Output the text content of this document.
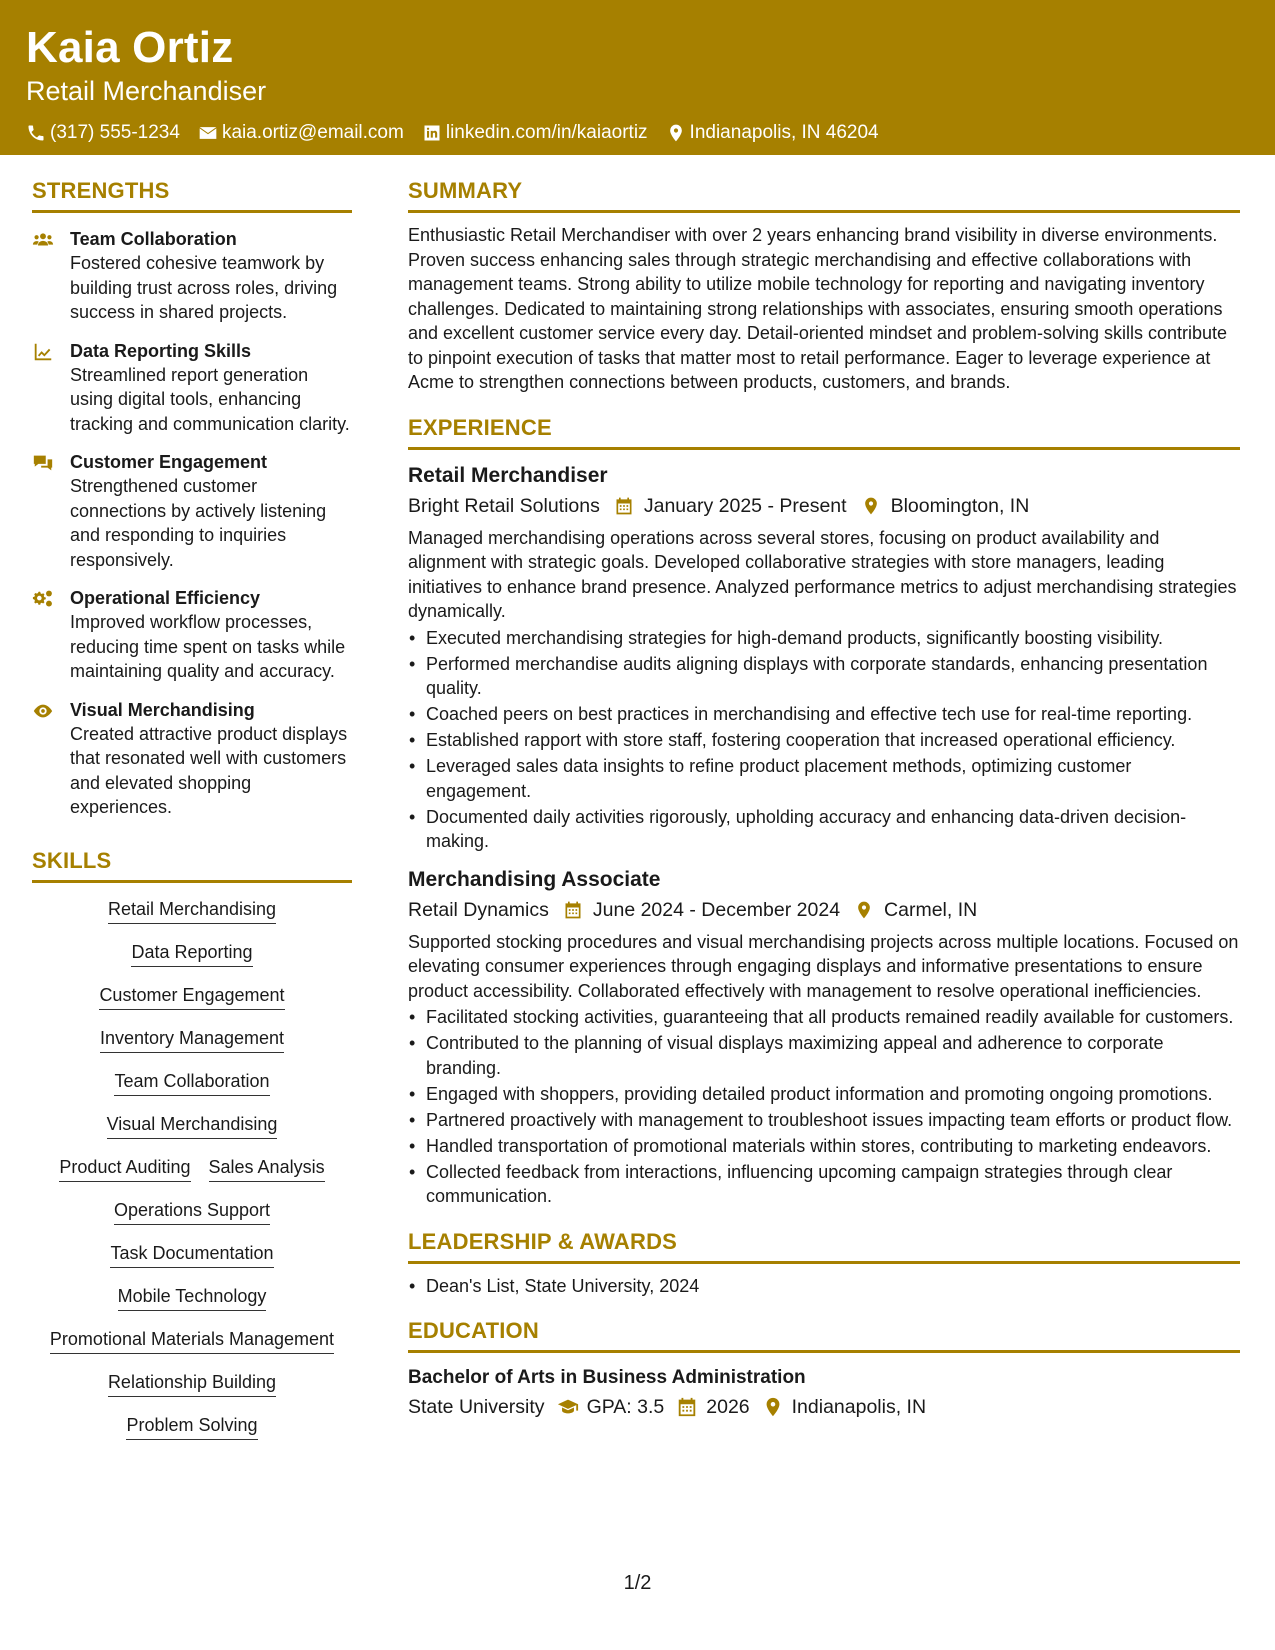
Kaia Ortiz
Retail Merchandiser
(317) 555-1234 kaia.ortiz@email.com linkedin.com/in/kaiaortiz Indianapolis, IN 46204
STRENGTHS
Team Collaboration
Fostered cohesive teamwork by building trust across roles, driving success in shared projects.
Data Reporting Skills
Streamlined report generation using digital tools, enhancing tracking and communication clarity.
Customer Engagement
Strengthened customer connections by actively listening and responding to inquiries responsively.
Operational Efficiency
Improved workflow processes, reducing time spent on tasks while maintaining quality and accuracy.
Visual Merchandising
Created attractive product displays that resonated well with customers and elevated shopping experiences.
SKILLS
Retail Merchandising
Data Reporting
Customer Engagement
Inventory Management
Team Collaboration
Visual Merchandising
Product Auditing Sales Analysis
Operations Support
Task Documentation
Mobile Technology
Promotional Materials Management
Relationship Building
Problem Solving
SUMMARY
Enthusiastic Retail Merchandiser with over 2 years enhancing brand visibility in diverse environments. Proven success enhancing sales through strategic merchandising and effective collaborations with management teams. Strong ability to utilize mobile technology for reporting and navigating inventory challenges. Dedicated to maintaining strong relationships with associates, ensuring smooth operations and excellent customer service every day. Detail-oriented mindset and problem-solving skills contribute to pinpoint execution of tasks that matter most to retail performance. Eager to leverage experience at Acme to strengthen connections between products, customers, and brands.
EXPERIENCE
Retail Merchandiser
Bright Retail Solutions January 2025 - Present Bloomington, IN
Managed merchandising operations across several stores, focusing on product availability and alignment with strategic goals. Developed collaborative strategies with store managers, leading initiatives to enhance brand presence. Analyzed performance metrics to adjust merchandising strategies dynamically.
• Executed merchandising strategies for high-demand products, significantly boosting visibility.
• Performed merchandise audits aligning displays with corporate standards, enhancing presentation quality.
• Coached peers on best practices in merchandising and effective tech use for real-time reporting.
• Established rapport with store staff, fostering cooperation that increased operational efficiency.
• Leveraged sales data insights to refine product placement methods, optimizing customer engagement.
• Documented daily activities rigorously, upholding accuracy and enhancing data-driven decision-making.
Merchandising Associate
Retail Dynamics June 2024 - December 2024 Carmel, IN
Supported stocking procedures and visual merchandising projects across multiple locations. Focused on elevating consumer experiences through engaging displays and informative presentations to ensure product accessibility. Collaborated effectively with management to resolve operational inefficiencies.
• Facilitated stocking activities, guaranteeing that all products remained readily available for customers.
• Contributed to the planning of visual displays maximizing appeal and adherence to corporate branding.
• Engaged with shoppers, providing detailed product information and promoting ongoing promotions.
• Partnered proactively with management to troubleshoot issues impacting team efforts or product flow.
• Handled transportation of promotional materials within stores, contributing to marketing endeavors.
• Collected feedback from interactions, influencing upcoming campaign strategies through clear communication.
LEADERSHIP & AWARDS
• Dean's List, State University, 2024
EDUCATION
Bachelor of Arts in Business Administration
State University GPA: 3.5 2026 Indianapolis, IN
1/2
